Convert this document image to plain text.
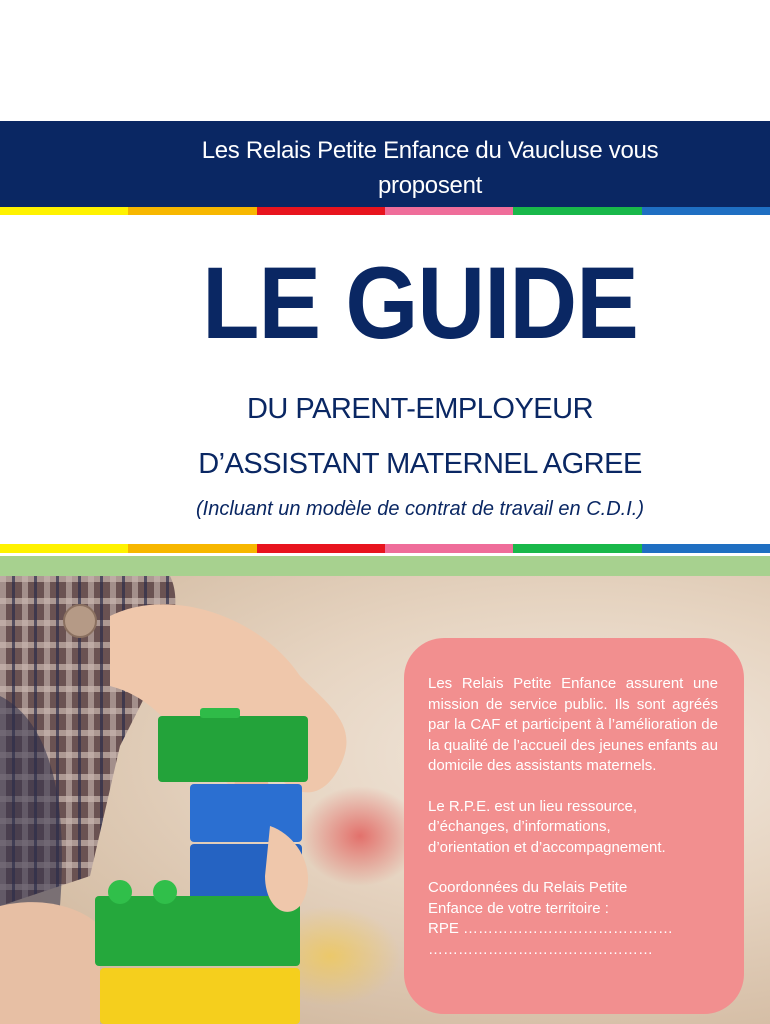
Les Relais Petite Enfance du Vaucluse vous
proposent
LE GUIDE
DU PARENT-EMPLOYEUR
D’ASSISTANT MATERNEL AGREE
(Incluant un modèle de contrat de travail en C.D.I.)

Les Relais Petite Enfance assurent une mission de service public. Ils sont agréés par la CAF et participent à l’amélioration de la qualité de l’accueil des jeunes enfants au domicile des assistants maternels.

Le R.P.E. est un lieu ressource,
d’échanges, d’informations,
d’orientation et d’accompagnement.

Coordonnées du Relais Petite
Enfance de votre territoire :
RPE ……………………………………
………………………………………
